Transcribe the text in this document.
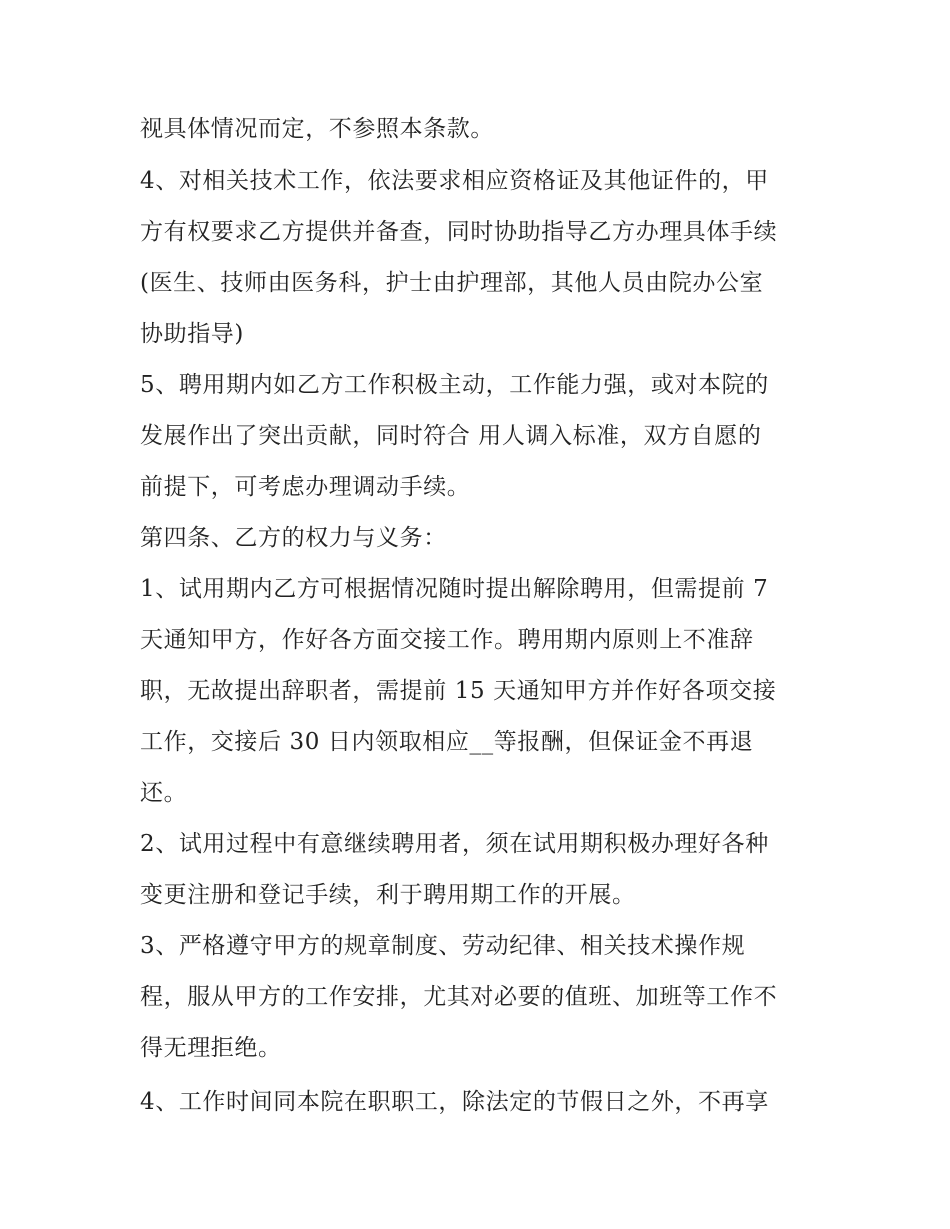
视具体情况而定，不参照本条款。
4、对相关技术工作，依法要求相应资格证及其他证件的，甲
方有权要求乙方提供并备查，同时协助指导乙方办理具体手续
(医生、技师由医务科，护士由护理部，其他人员由院办公室
协助指导)
5、聘用期内如乙方工作积极主动，工作能力强，或对本院的
发展作出了突出贡献，同时符合 用人调入标准，双方自愿的
前提下，可考虑办理调动手续。
第四条、乙方的权力与义务：
1、试用期内乙方可根据情况随时提出解除聘用，但需提前 7
天通知甲方，作好各方面交接工作。聘用期内原则上不准辞
职，无故提出辞职者，需提前 15 天通知甲方并作好各项交接
工作，交接后 30 日内领取相应__等报酬，但保证金不再退
还。
2、试用过程中有意继续聘用者，须在试用期积极办理好各种
变更注册和登记手续，利于聘用期工作的开展。
3、严格遵守甲方的规章制度、劳动纪律、相关技术操作规
程，服从甲方的工作安排，尤其对必要的值班、加班等工作不
得无理拒绝。
4、工作时间同本院在职职工，除法定的节假日之外，不再享
